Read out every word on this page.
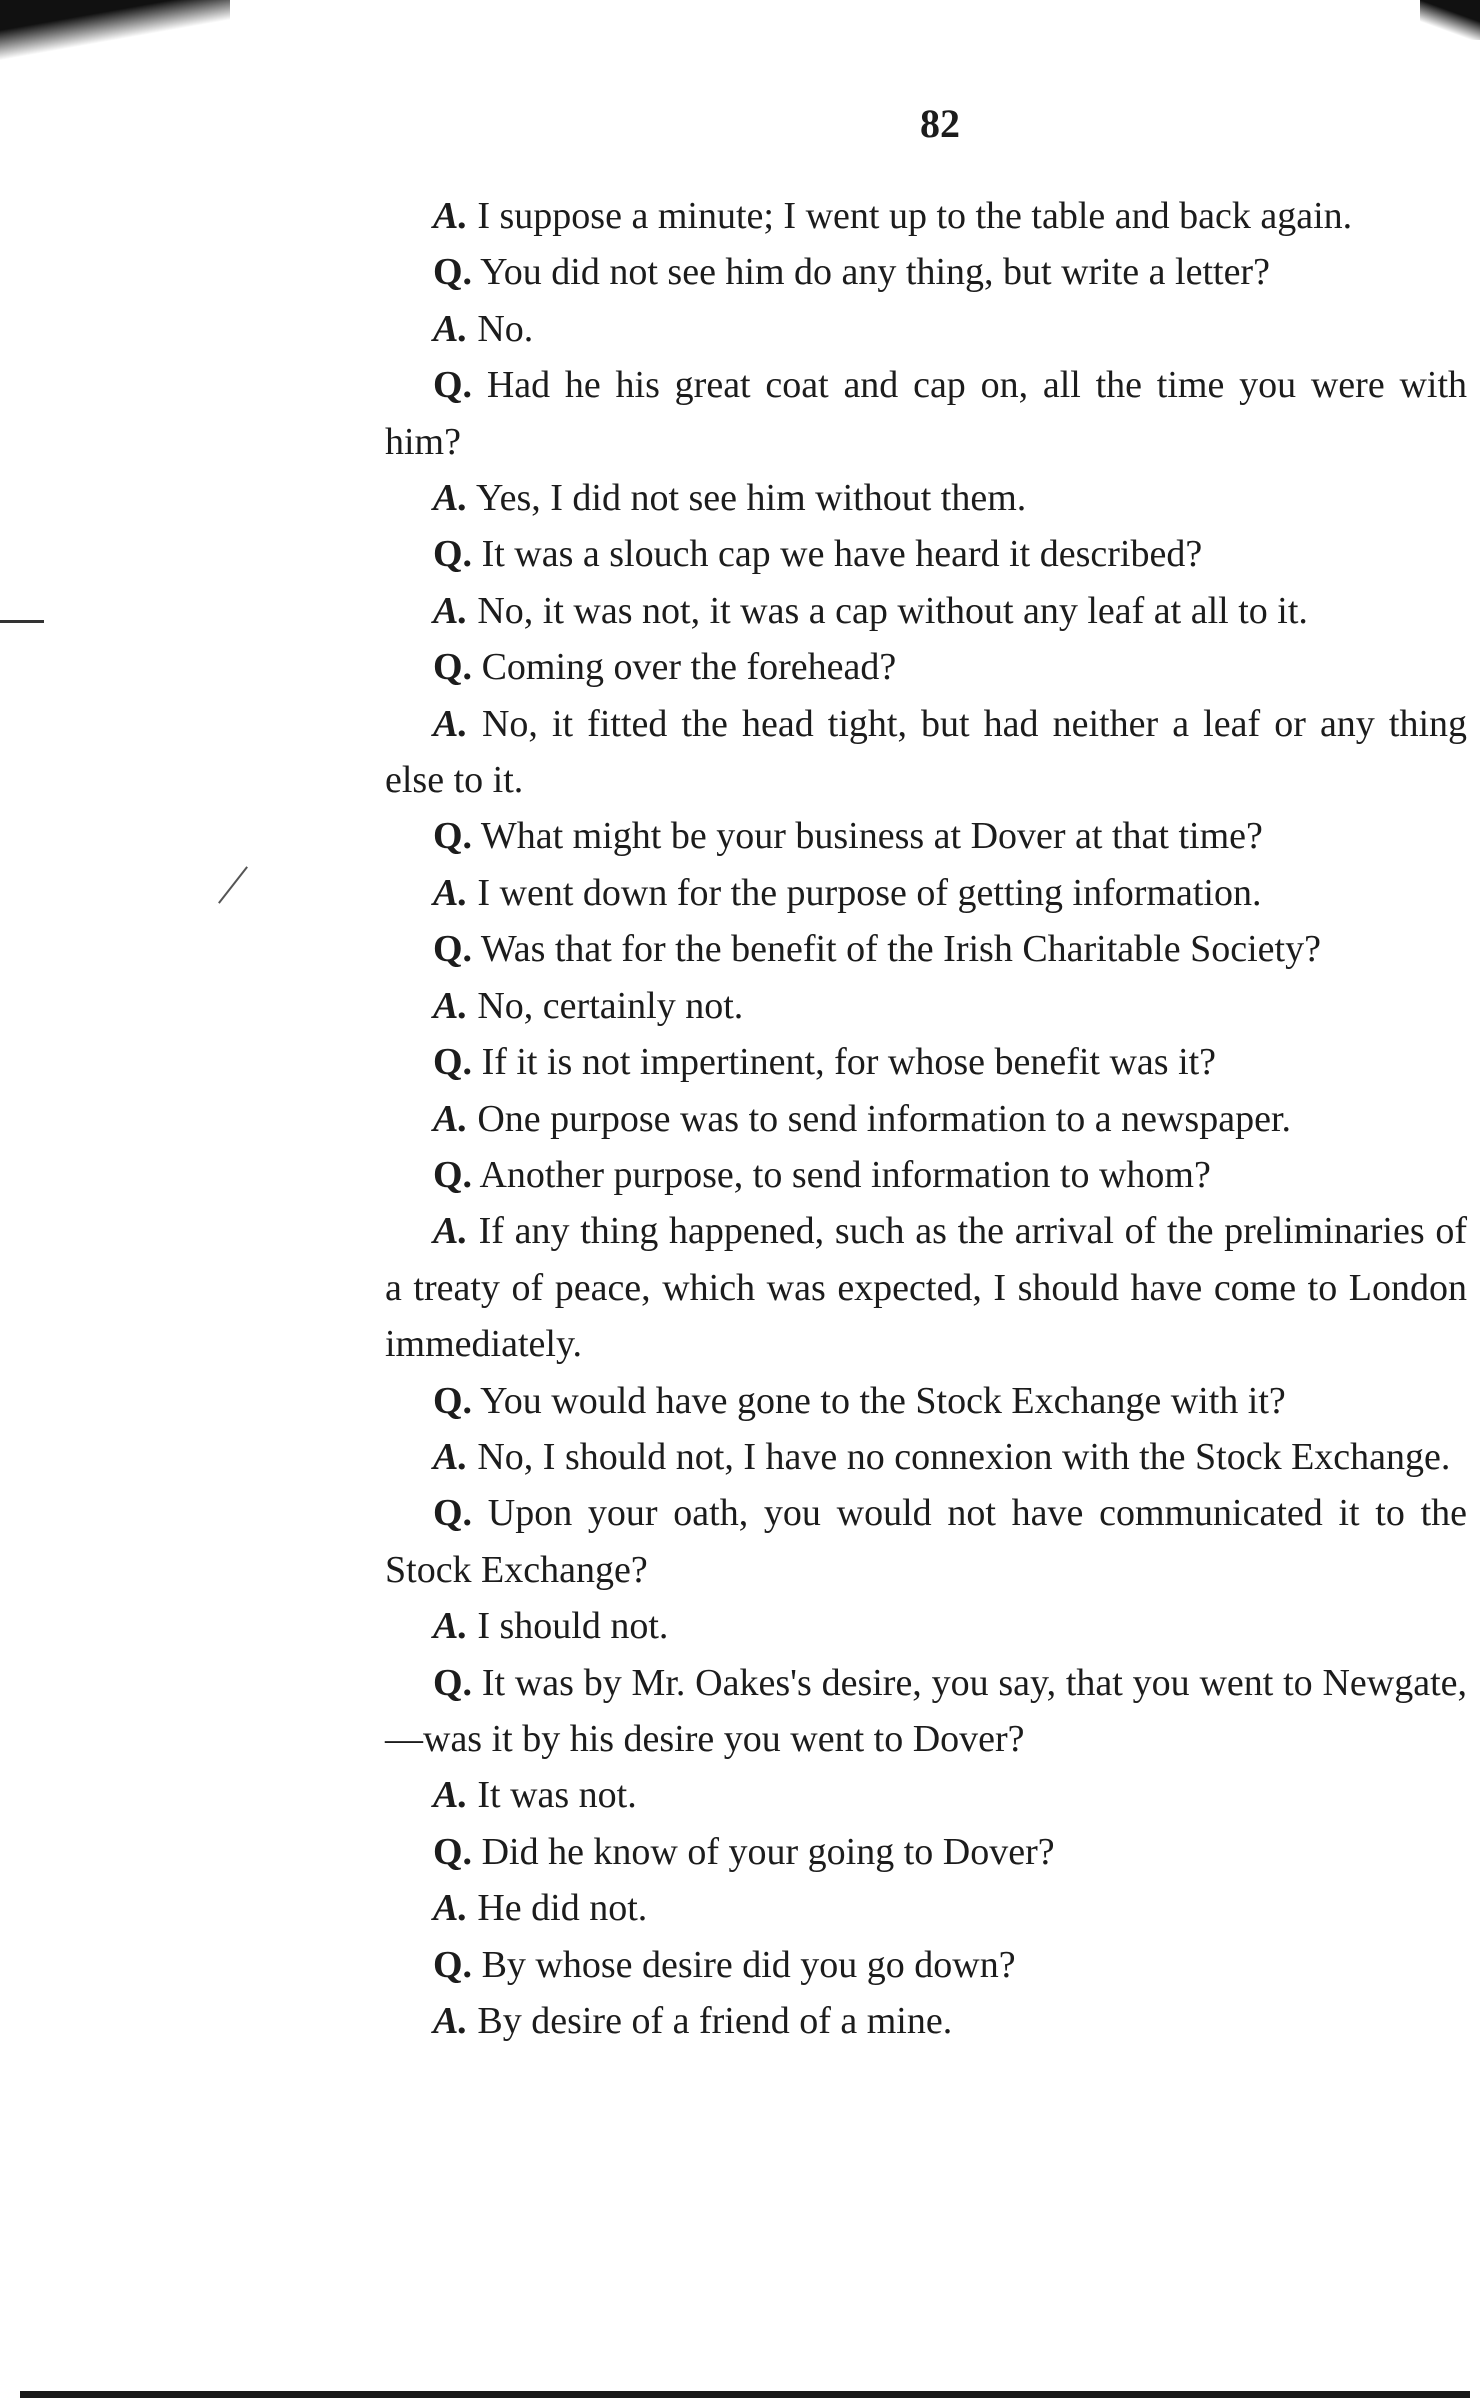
82

A. I suppose a minute; I went up to the table and back again.

Q. You did not see him do any thing, but write a letter?

A. No.

Q. Had he his great coat and cap on, all the time you were with him?

A. Yes, I did not see him without them.

Q. It was a slouch cap we have heard it described?

A. No, it was not, it was a cap without any leaf at all to it.

Q. Coming over the forehead?

A. No, it fitted the head tight, but had neither a leaf or any thing else to it.

Q. What might be your business at Dover at that time?

A. I went down for the purpose of getting information.

Q. Was that for the benefit of the Irish Charitable Society?

A. No, certainly not.

Q. If it is not impertinent, for whose benefit was it?

A. One purpose was to send information to a newspaper.

Q. Another purpose, to send information to whom?

A. If any thing happened, such as the arrival of the preliminaries of a treaty of peace, which was expected, I should have come to London immediately.

Q. You would have gone to the Stock Exchange with it?

A. No, I should not, I have no connexion with the Stock Exchange.

Q. Upon your oath, you would not have communicated it to the Stock Exchange?

A. I should not.

Q. It was by Mr. Oakes's desire, you say, that you went to Newgate,—was it by his desire you went to Dover?

A. It was not.

Q. Did he know of your going to Dover?

A. He did not.

Q. By whose desire did you go down?

A. By desire of a friend of a mine.
